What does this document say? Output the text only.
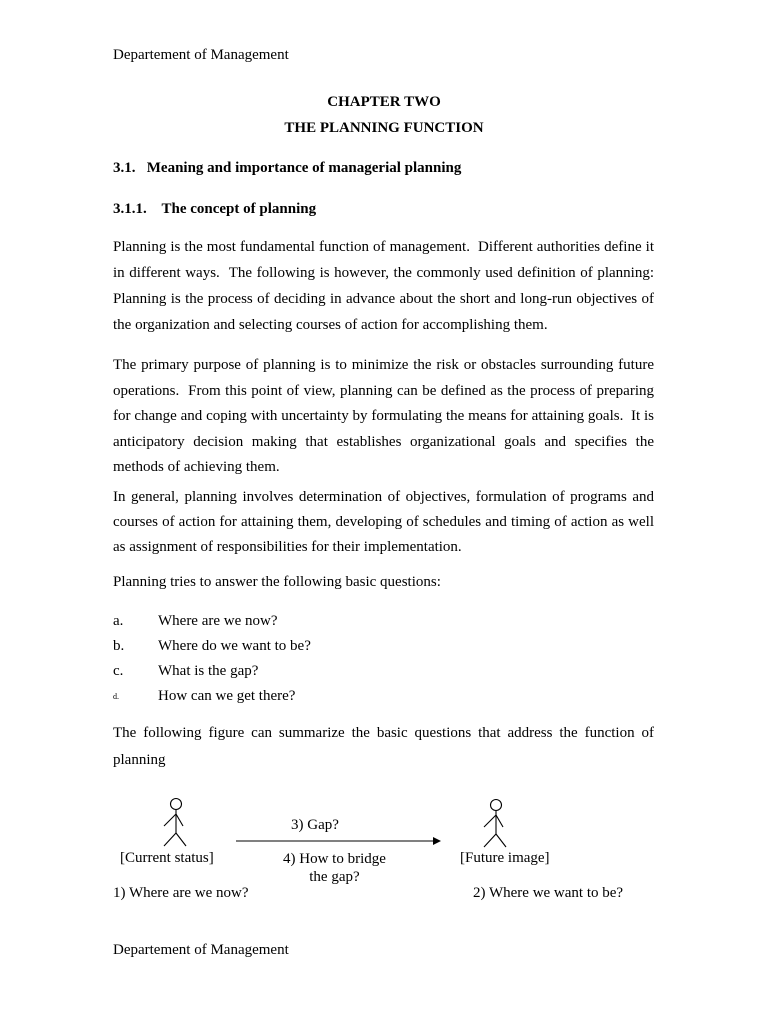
Departement of Management
CHAPTER TWO
THE PLANNING FUNCTION
3.1. Meaning and importance of managerial planning
3.1.1. The concept of planning
Planning is the most fundamental function of management.  Different authorities define it in different ways.  The following is however, the commonly used definition of planning: Planning is the process of deciding in advance about the short and long-run objectives of the organization and selecting courses of action for accomplishing them.
The primary purpose of planning is to minimize the risk or obstacles surrounding future operations.  From this point of view, planning can be defined as the process of preparing for change and coping with uncertainty by formulating the means for attaining goals.  It is anticipatory decision making that establishes organizational goals and specifies the methods of achieving them.
In general, planning involves determination of objectives, formulation of programs and courses of action for attaining them, developing of schedules and timing of action as well as assignment of responsibilities for their implementation.
Planning tries to answer the following basic questions:
a. Where are we now?
b. Where do we want to be?
c. What is the gap?
d.	How can we get there?
The following figure can summarize the basic questions that address the function of planning
3) Gap?
[Current status]	4) How to bridge
the gap?
[Future image]
1) Where are we now?	2) Where we want to be?
Departement of Management
